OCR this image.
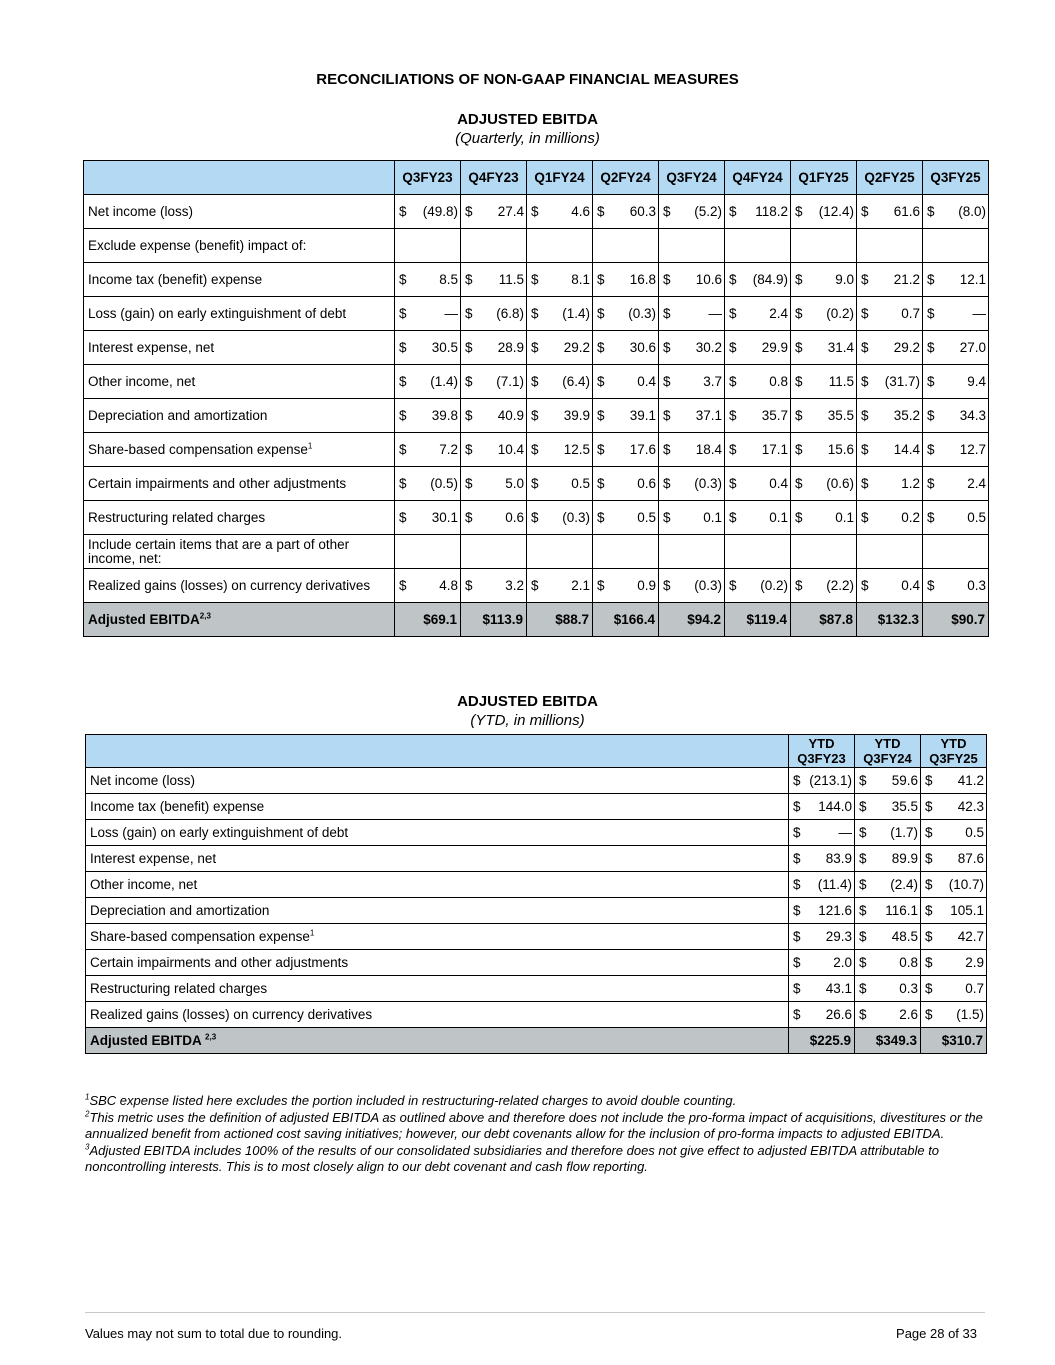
RECONCILIATIONS OF NON-GAAP FINANCIAL MEASURES
ADJUSTED EBITDA
(Quarterly, in millions)
	Q3FY23	Q4FY23	Q1FY24	Q2FY24	Q3FY24	Q4FY24	Q1FY25	Q2FY25	Q3FY25
Net income (loss)	$ (49.8)	$ 27.4	$ 4.6	$ 60.3	$ (5.2)	$ 118.2	$ (12.4)	$ 61.6	$ (8.0)

Exclude expense (benefit) impact of:									
Income tax (benefit) expense	$ 8.5	$ 11.5	$ 8.1	$ 16.8	$ 10.6	$ (84.9)	$ 9.0	$ 21.2	$ 12.1

Loss (gain) on early extinguishment of debt	$ —	$ (6.8)	$ (1.4)	$ (0.3)	$ —	$ 2.4	$ (0.2)	$ 0.7	$ —

Interest expense, net	$ 30.5	$ 28.9	$ 29.2	$ 30.6	$ 30.2	$ 29.9	$ 31.4	$ 29.2	$ 27.0

Other income, net	$ (1.4)	$ (7.1)	$ (6.4)	$ 0.4	$ 3.7	$ 0.8	$ 11.5	$ (31.7)	$ 9.4

Depreciation and amortization	$ 39.8	$ 40.9	$ 39.9	$ 39.1	$ 37.1	$ 35.7	$ 35.5	$ 35.2	$ 34.3

Share-based compensation expense$^1$	$ 7.2	$ 10.4	$ 12.5	$ 17.6	$ 18.4	$ 17.1	$ 15.6	$ 14.4	$ 12.7

Certain impairments and other adjustments	$ (0.5)	$ 5.0	$ 0.5	$ 0.6	$ (0.3)	$ 0.4	$ (0.6)	$ 1.2	$ 2.4

Restructuring related charges	$ 30.1	$ 0.6	$ (0.3)	$ 0.5	$ 0.1	$ 0.1	$ 0.1	$ 0.2	$ 0.5

Include certain items that are a part of other income, net:									
Realized gains (losses) on currency derivatives	$ 4.8	$ 3.2	$ 2.1	$ 0.9	$ (0.3)	$ (0.2)	$ (2.2)	$ 0.4	$ 0.3

Adjusted EBITDA$^{2,3}$	$69.1	$113.9	$88.7	$166.4	$94.2	$119.4	$87.8	$132.3	$90.7
ADJUSTED EBITDA
(YTD, in millions)
	YTD
Q3FY23	YTD
Q3FY24	YTD
Q3FY25
Net income (loss)	$ (213.1)	$ 59.6	$ 41.2

Income tax (benefit) expense	$ 144.0	$ 35.5	$ 42.3

Loss (gain) on early extinguishment of debt	$ —	$ (1.7)	$ 0.5

Interest expense, net	$ 83.9	$ 89.9	$ 87.6

Other income, net	$ (11.4)	$ (2.4)	$ (10.7)

Depreciation and amortization	$ 121.6	$ 116.1	$ 105.1

Share-based compensation expense$^1$	$ 29.3	$ 48.5	$ 42.7

Certain impairments and other adjustments	$ 2.0	$ 0.8	$ 2.9

Restructuring related charges	$ 43.1	$ 0.3	$ 0.7

Realized gains (losses) on currency derivatives	$ 26.6	$ 2.6	$ (1.5)

Adjusted EBITDA $^{2,3}$	$225.9	$349.3	$310.7

$^1$SBC expense listed here excludes the portion included in restructuring-related charges to avoid double counting.

$^2$This metric uses the definition of adjusted EBITDA as outlined above and therefore does not include the pro-forma impact of acquisitions, divestitures or the annualized benefit from actioned cost saving initiatives; however, our debt covenants allow for the inclusion of pro-forma impacts to adjusted EBITDA.

$^3$Adjusted EBITDA includes 100% of the results of our consolidated subsidiaries and therefore does not give effect to adjusted EBITDA attributable to noncontrolling interests. This is to most closely align to our debt covenant and cash flow reporting.

Values may not sum to total due to rounding.	Page 28 of 33
